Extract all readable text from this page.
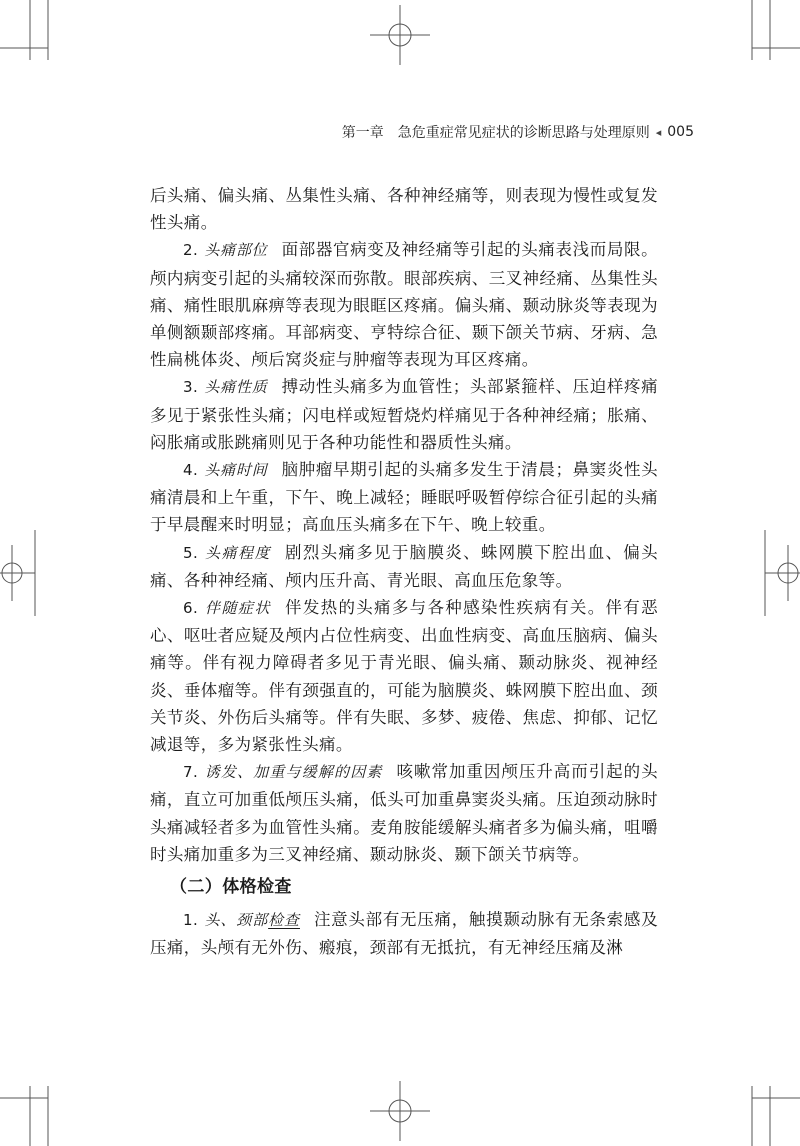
第一章 急危重症常见症状的诊断思路与处理原则 ◂ 005

后头痛、偏头痛、丛集性头痛、各种神经痛等，则表现为慢性或复发性头痛。

2. 头痛部位 面部器官病变及神经痛等引起的头痛表浅而局限。颅内病变引起的头痛较深而弥散。眼部疾病、三叉神经痛、丛集性头痛、痛性眼肌麻痹等表现为眼眶区疼痛。偏头痛、颞动脉炎等表现为单侧额颞部疼痛。耳部病变、亨特综合征、颞下颌关节病、牙病、急性扁桃体炎、颅后窝炎症与肿瘤等表现为耳区疼痛。

3. 头痛性质 搏动性头痛多为血管性；头部紧箍样、压迫样疼痛多见于紧张性头痛；闪电样或短暂烧灼样痛见于各种神经痛；胀痛、闷胀痛或胀跳痛则见于各种功能性和器质性头痛。

4. 头痛时间 脑肿瘤早期引起的头痛多发生于清晨；鼻窦炎性头痛清晨和上午重，下午、晚上减轻；睡眠呼吸暂停综合征引起的头痛于早晨醒来时明显；高血压头痛多在下午、晚上较重。

5. 头痛程度 剧烈头痛多见于脑膜炎、蛛网膜下腔出血、偏头痛、各种神经痛、颅内压升高、青光眼、高血压危象等。

6. 伴随症状 伴发热的头痛多与各种感染性疾病有关。伴有恶心、呕吐者应疑及颅内占位性病变、出血性病变、高血压脑病、偏头痛等。伴有视力障碍者多见于青光眼、偏头痛、颞动脉炎、视神经炎、垂体瘤等。伴有颈强直的，可能为脑膜炎、蛛网膜下腔出血、颈关节炎、外伤后头痛等。伴有失眠、多梦、疲倦、焦虑、抑郁、记忆减退等，多为紧张性头痛。

7. 诱发、加重与缓解的因素 咳嗽常加重因颅压升高而引起的头痛，直立可加重低颅压头痛，低头可加重鼻窦炎头痛。压迫颈动脉时头痛减轻者多为血管性头痛。麦角胺能缓解头痛者多为偏头痛，咀嚼时头痛加重多为三叉神经痛、颞动脉炎、颞下颌关节病等。

（二）体格检查

1. 头、颈部检查 注意头部有无压痛，触摸颞动脉有无条索感及压痛，头颅有无外伤、瘢痕，颈部有无抵抗，有无神经压痛及淋
